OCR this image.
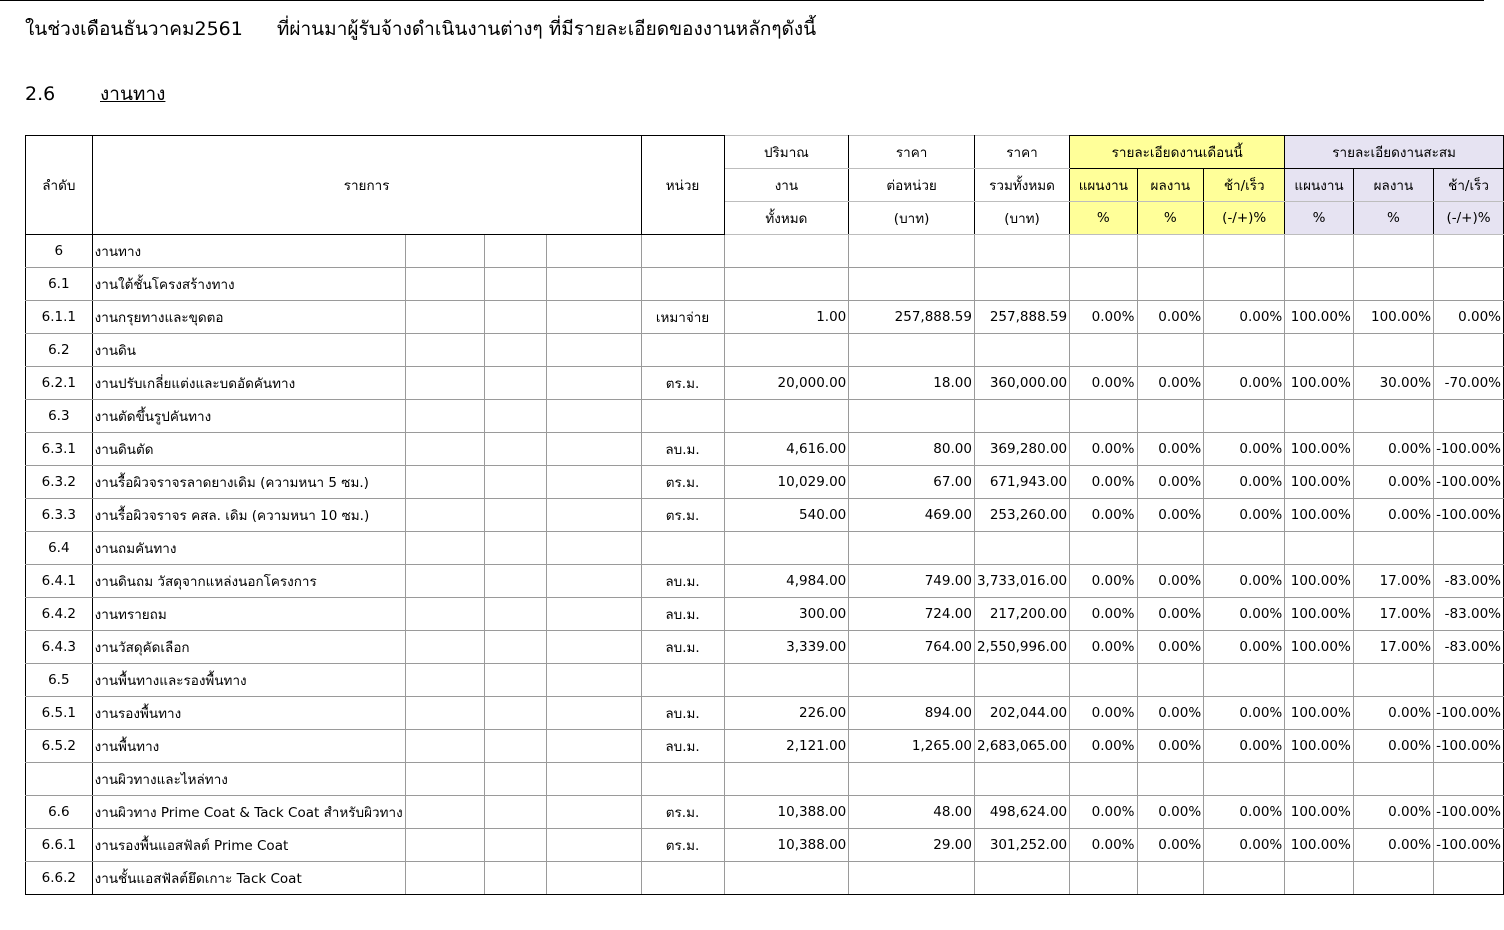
ในช่วงเดือนธันวาคม2561 ที่ผ่านมาผู้รับจ้างดำเนินงานต่างๆ ที่มีรายละเอียดของงานหลักๆดังนี้
2.6 งานทาง
ลำดับ	รายการ				หน่วย	ปริมาณ	ราคา	ราคา	รายละเอียดงานเดือนนี้			รายละเอียดงานสะสม		
						งาน	ต่อหน่วย	รวมทั้งหมด	แผนงาน	ผลงาน	ช้า/เร็ว	แผนงาน	ผลงาน	ช้า/เร็ว
						ทั้งหมด	(บาท)	(บาท)	%	%	(-/+)%	%	%	(-/+)%
6	งานทาง													
6.1	งานใต้ชั้นโครงสร้างทาง													
6.1.1	งานกรุยทางและขุดตอ				เหมาจ่าย	1.00	257,888.59	257,888.59	0.00%	0.00%	0.00%	100.00%	100.00%	0.00%
6.2	งานดิน													
6.2.1	งานปรับเกลี่ยแต่งและบดอัดคันทาง				ตร.ม.	20,000.00	18.00	360,000.00	0.00%	0.00%	0.00%	100.00%	30.00%	-70.00%
6.3	งานตัดขึ้นรูปคันทาง													
6.3.1	งานดินตัด				ลบ.ม.	4,616.00	80.00	369,280.00	0.00%	0.00%	0.00%	100.00%	0.00%	-100.00%
6.3.2	งานรื้อผิวจราจรลาดยางเดิม (ความหนา 5 ซม.)				ตร.ม.	10,029.00	67.00	671,943.00	0.00%	0.00%	0.00%	100.00%	0.00%	-100.00%
6.3.3	งานรื้อผิวจราจร คสล. เดิม (ความหนา 10 ซม.)				ตร.ม.	540.00	469.00	253,260.00	0.00%	0.00%	0.00%	100.00%	0.00%	-100.00%
6.4	งานถมคันทาง													
6.4.1	งานดินถม วัสดุจากแหล่งนอกโครงการ				ลบ.ม.	4,984.00	749.00	3,733,016.00	0.00%	0.00%	0.00%	100.00%	17.00%	-83.00%
6.4.2	งานทรายถม				ลบ.ม.	300.00	724.00	217,200.00	0.00%	0.00%	0.00%	100.00%	17.00%	-83.00%
6.4.3	งานวัสดุคัดเลือก				ลบ.ม.	3,339.00	764.00	2,550,996.00	0.00%	0.00%	0.00%	100.00%	17.00%	-83.00%
6.5	งานพื้นทางและรองพื้นทาง													
6.5.1	งานรองพื้นทาง				ลบ.ม.	226.00	894.00	202,044.00	0.00%	0.00%	0.00%	100.00%	0.00%	-100.00%
6.5.2	งานพื้นทาง				ลบ.ม.	2,121.00	1,265.00	2,683,065.00	0.00%	0.00%	0.00%	100.00%	0.00%	-100.00%
	งานผิวทางและไหล่ทาง													
6.6	งานผิวทาง Prime Coat & Tack Coat สำหรับผิวทาง				ตร.ม.	10,388.00	48.00	498,624.00	0.00%	0.00%	0.00%	100.00%	0.00%	-100.00%
6.6.1	งานรองพื้นแอสฟัลต์ Prime Coat				ตร.ม.	10,388.00	29.00	301,252.00	0.00%	0.00%	0.00%	100.00%	0.00%	-100.00%
6.6.2	งานชั้นแอสฟัลต์ยึดเกาะ Tack Coat													
